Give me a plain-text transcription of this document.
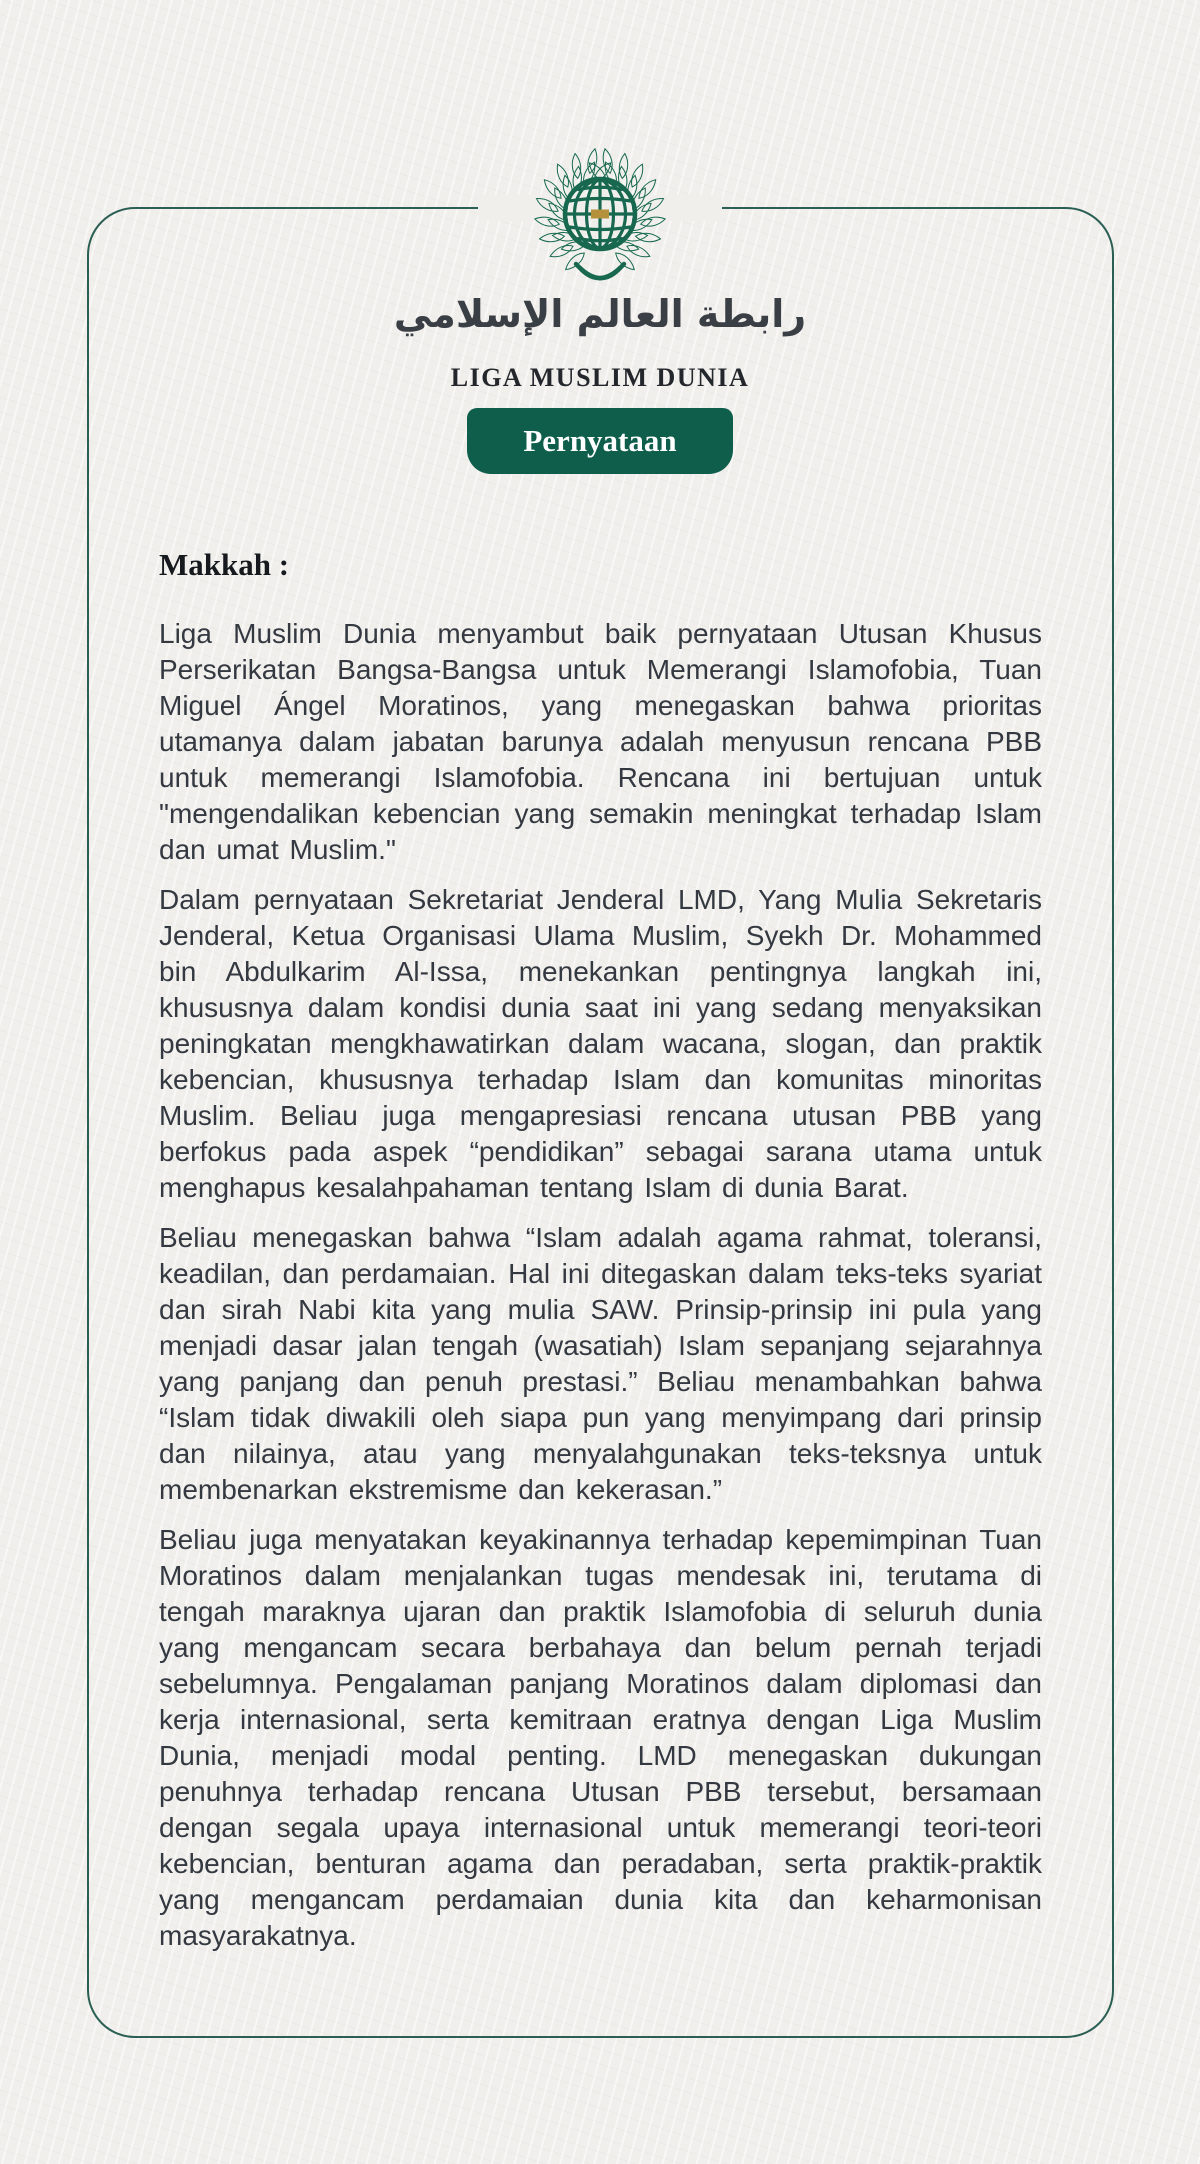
رابطة العالم الإسلامي
LIGA MUSLIM DUNIA
Pernyataan
Makkah :

Liga Muslim Dunia menyambut baik pernyataan Utusan Khusus Perserikatan Bangsa-Bangsa untuk Memerangi Islamofobia, Tuan Miguel Ángel Moratinos, yang menegaskan bahwa prioritas utamanya dalam jabatan barunya adalah menyusun rencana PBB untuk memerangi Islamofobia. Rencana ini bertujuan untuk "mengendalikan kebencian yang semakin meningkat terhadap Islam dan umat Muslim."

Dalam pernyataan Sekretariat Jenderal LMD, Yang Mulia Sekretaris Jenderal, Ketua Organisasi Ulama Muslim, Syekh Dr. Mohammed bin Abdulkarim Al-Issa, menekankan pentingnya langkah ini, khususnya dalam kondisi dunia saat ini yang sedang menyaksikan peningkatan mengkhawatirkan dalam wacana, slogan, dan praktik kebencian, khususnya terhadap Islam dan komunitas minoritas Muslim. Beliau juga mengapresiasi rencana utusan PBB yang berfokus pada aspek “pendidikan” sebagai sarana utama untuk menghapus kesalahpahaman tentang Islam di dunia Barat.

Beliau menegaskan bahwa “Islam adalah agama rahmat, toleransi, keadilan, dan perdamaian. Hal ini ditegaskan dalam teks-teks syariat dan sirah Nabi kita yang mulia SAW. Prinsip-prinsip ini pula yang menjadi dasar jalan tengah (wasatiah) Islam sepanjang sejarahnya yang panjang dan penuh prestasi.” Beliau menambahkan bahwa “Islam tidak diwakili oleh siapa pun yang menyimpang dari prinsip dan nilainya, atau yang menyalahgunakan teks-teksnya untuk membenarkan ekstremisme dan kekerasan.”

Beliau juga menyatakan keyakinannya terhadap kepemimpinan Tuan Moratinos dalam menjalankan tugas mendesak ini, terutama di tengah maraknya ujaran dan praktik Islamofobia di seluruh dunia yang mengancam secara berbahaya dan belum pernah terjadi sebelumnya. Pengalaman panjang Moratinos dalam diplomasi dan kerja internasional, serta kemitraan eratnya dengan Liga Muslim Dunia, menjadi modal penting. LMD menegaskan dukungan penuhnya terhadap rencana Utusan PBB tersebut, bersamaan dengan segala upaya internasional untuk memerangi teori-teori kebencian, benturan agama dan peradaban, serta praktik-praktik yang mengancam perdamaian dunia kita dan keharmonisan masyarakatnya.
